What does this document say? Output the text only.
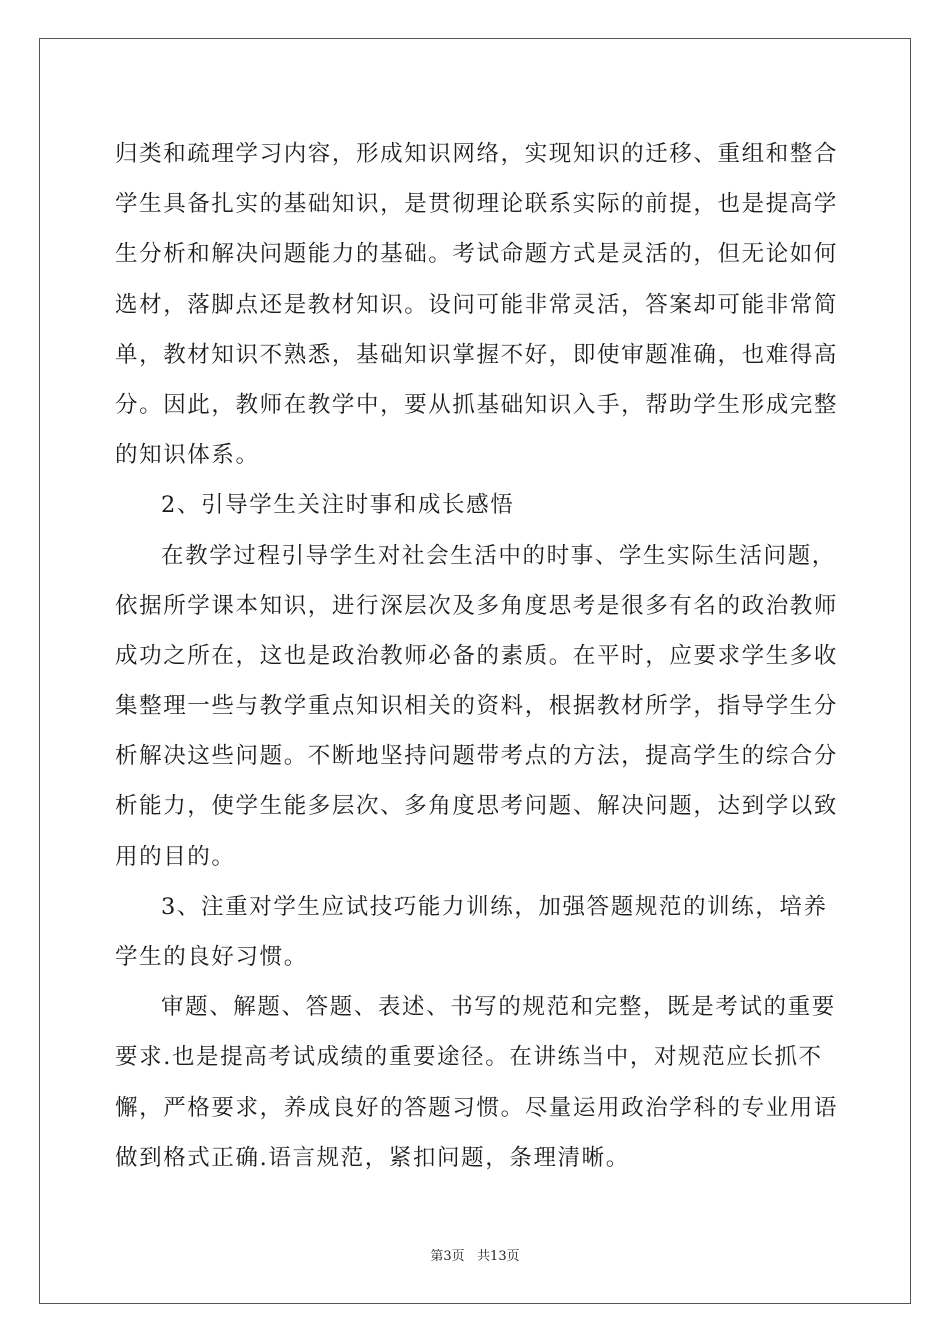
归类和疏理学习内容，形成知识网络，实现知识的迁移、重组和整合
学生具备扎实的基础知识，是贯彻理论联系实际的前提，也是提高学
生分析和解决问题能力的基础。考试命题方式是灵活的，但无论如何
选材，落脚点还是教材知识。设问可能非常灵活，答案却可能非常简
单，教材知识不熟悉，基础知识掌握不好，即使审题准确，也难得高
分。因此，教师在教学中，要从抓基础知识入手，帮助学生形成完整
的知识体系。
2、引导学生关注时事和成长感悟
在教学过程引导学生对社会生活中的时事、学生实际生活问题，
依据所学课本知识，进行深层次及多角度思考是很多有名的政治教师
成功之所在，这也是政治教师必备的素质。在平时，应要求学生多收
集整理一些与教学重点知识相关的资料，根据教材所学，指导学生分
析解决这些问题。不断地坚持问题带考点的方法，提高学生的综合分
析能力，使学生能多层次、多角度思考问题、解决问题，达到学以致
用的目的。
3、注重对学生应试技巧能力训练，加强答题规范的训练，培养
学生的良好习惯。
审题、解题、答题、表述、书写的规范和完整，既是考试的重要
要求.也是提高考试成绩的重要途径。在讲练当中，对规范应长抓不
懈，严格要求，养成良好的答题习惯。尽量运用政治学科的专业用语
做到格式正确.语言规范，紧扣问题，条理清晰。
第3页   共13页
